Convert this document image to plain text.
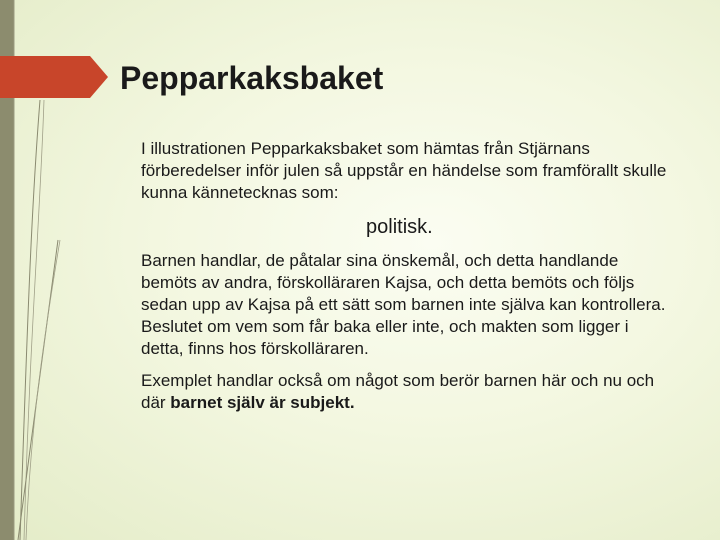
Pepparkaksbaket

I illustrationen Pepparkaksbaket som hämtas från Stjärnans förberedelser inför julen så uppstår en händelse som framförallt skulle kunna kännetecknas som:

politisk.

Barnen handlar, de påtalar sina önskemål, och detta handlande bemöts av andra, förskolläraren Kajsa, och detta bemöts och följs sedan upp av Kajsa på ett sätt som barnen inte själva kan kontrollera. Beslutet om vem som får baka eller inte, och makten som ligger i detta, finns hos förskolläraren.

Exemplet handlar också om något som berör barnen här och nu och där barnet själv är subjekt.
